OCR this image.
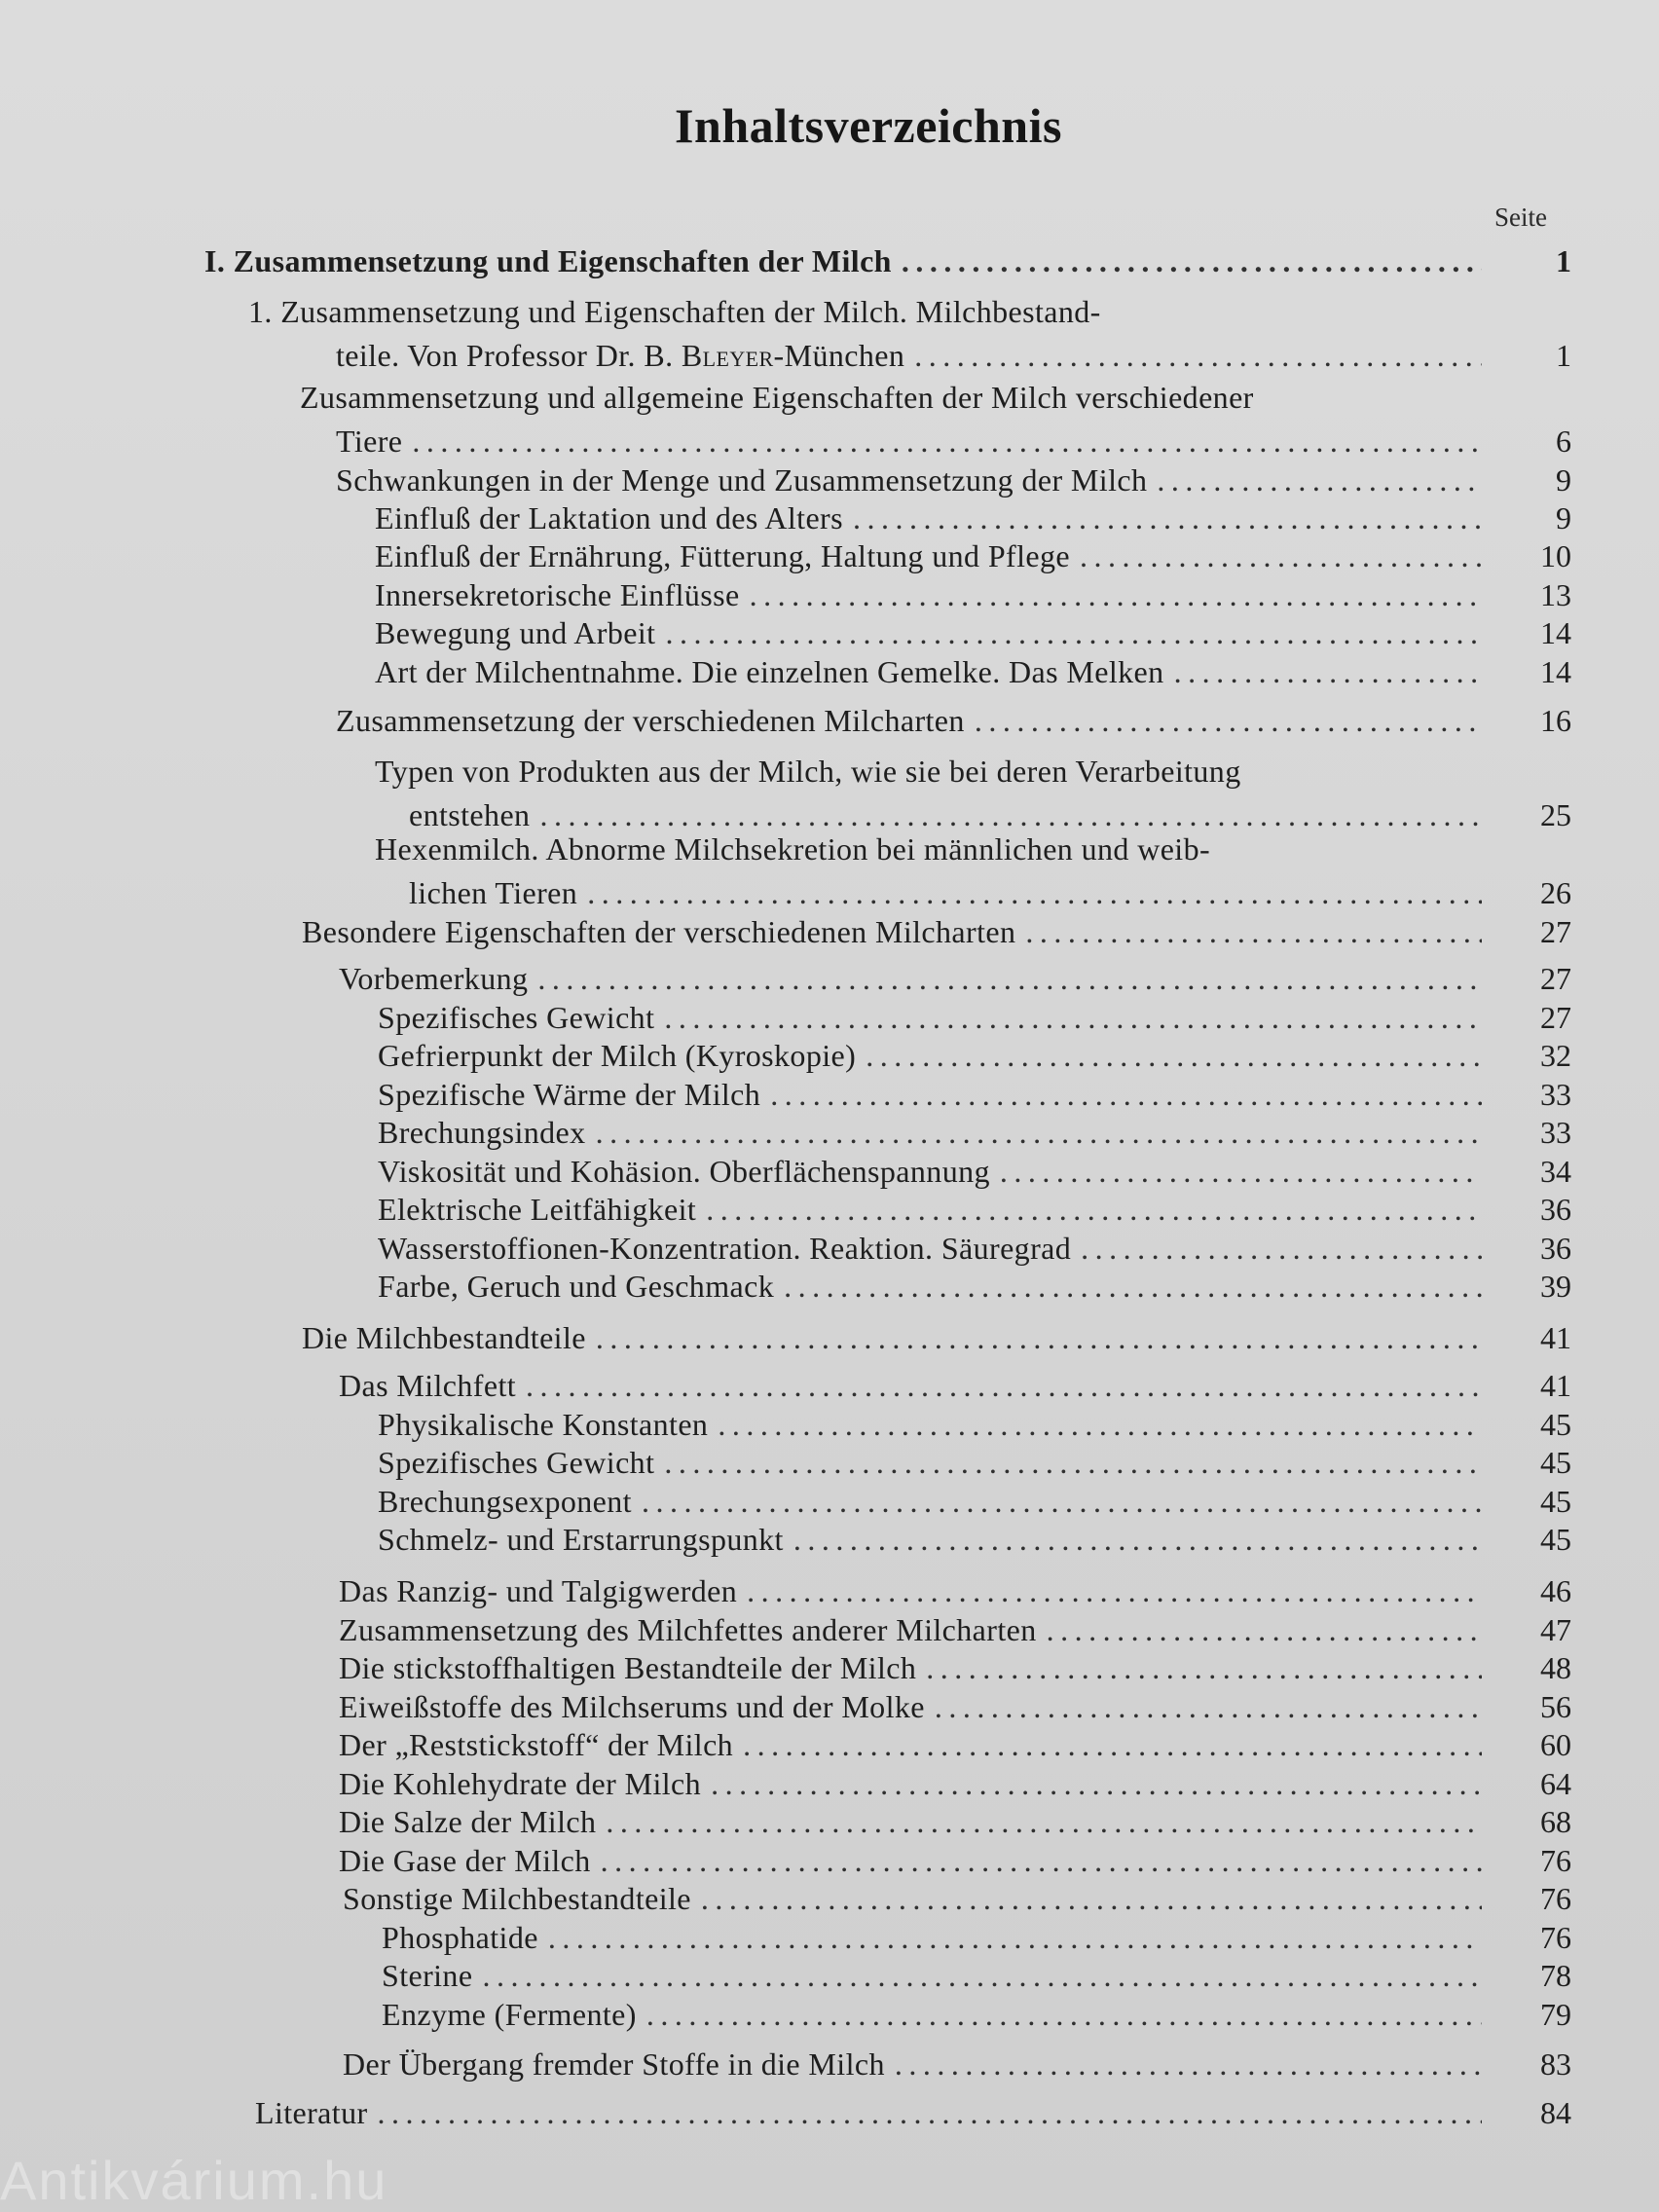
Inhaltsverzeichnis
Seite
I. Zusammensetzung und Eigenschaften der Milch .....	1
1. Zusammensetzung und Eigenschaften der Milch. Milchbestand-
teile. Von Professor Dr. B. Bleyer-München .....	1
Zusammensetzung und allgemeine Eigenschaften der Milch verschiedener
Tiere .....	6
Schwankungen in der Menge und Zusammensetzung der Milch .....	9
Einfluß der Laktation und des Alters .....	9
Einfluß der Ernährung, Fütterung, Haltung und Pflege .....	10
Innersekretorische Einflüsse .....	13
Bewegung und Arbeit .....	14
Art der Milchentnahme. Die einzelnen Gemelke. Das Melken .....	14
Zusammensetzung der verschiedenen Milcharten .....	16
Typen von Produkten aus der Milch, wie sie bei deren Verarbeitung
entstehen .....	25
Hexenmilch. Abnorme Milchsekretion bei männlichen und weib-
lichen Tieren .....	26
Besondere Eigenschaften der verschiedenen Milcharten .....	27
Vorbemerkung .....	27
Spezifisches Gewicht .....	27
Gefrierpunkt der Milch (Kyroskopie) .....	32
Spezifische Wärme der Milch .....	33
Brechungsindex .....	33
Viskosität und Kohäsion. Oberflächenspannung .....	34
Elektrische Leitfähigkeit .....	36
Wasserstoffionen-Konzentration. Reaktion. Säuregrad .....	36
Farbe, Geruch und Geschmack .....	39
Die Milchbestandteile .....	41
Das Milchfett .....	41
Physikalische Konstanten .....	45
Spezifisches Gewicht .....	45
Brechungsexponent .....	45
Schmelz- und Erstarrungspunkt .....	45
Das Ranzig- und Talgigwerden .....	46
Zusammensetzung des Milchfettes anderer Milcharten .....	47
Die stickstoffhaltigen Bestandteile der Milch .....	48
Eiweißstoffe des Milchserums und der Molke .....	56
Der „Reststickstoff“ der Milch .....	60
Die Kohlehydrate der Milch .....	64
Die Salze der Milch .....	68
Die Gase der Milch .....	76
Sonstige Milchbestandteile .....	76
Phosphatide .....	76
Sterine .....	78
Enzyme (Fermente) .....	79
Der Übergang fremder Stoffe in die Milch .....	83
Literatur .....	84
Antikvárium.hu
